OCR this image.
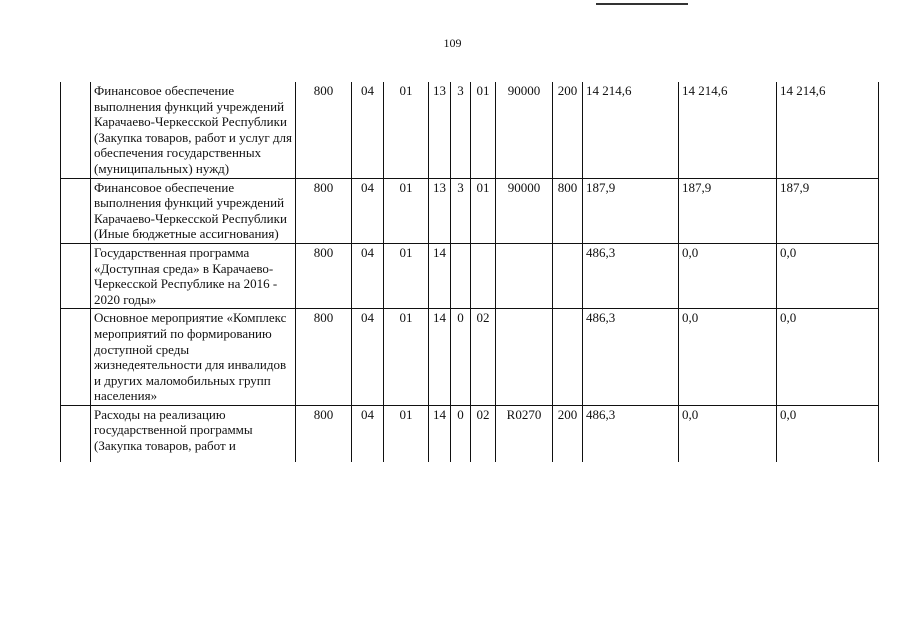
109
	Финансовое обеспечение выполнения функций учреждений Карачаево-Черкесской Республики (Закупка товаров, работ и услуг для обеспечения государственных (муниципальных) нужд)	800	04	01	13	3	01	90000	200	14 214,6	14 214,6	14 214,6
	Финансовое обеспечение выполнения функций учреждений Карачаево-Черкесской Республики (Иные бюджетные ассигнования)	800	04	01	13	3	01	90000	800	187,9	187,9	187,9
	Государственная программа «Доступная среда» в Карачаево-Черкесской Республике на 2016 - 2020 годы»	800	04	01	14					486,3	0,0	0,0
	Основное мероприятие «Комплекс мероприятий по формированию доступной среды жизнедеятельности для инвалидов и других маломобильных групп населения»	800	04	01	14	0	02			486,3	0,0	0,0
	Расходы на реализацию государственной программы (Закупка товаров, работ и	800	04	01	14	0	02	R0270	200	486,3	0,0	0,0
